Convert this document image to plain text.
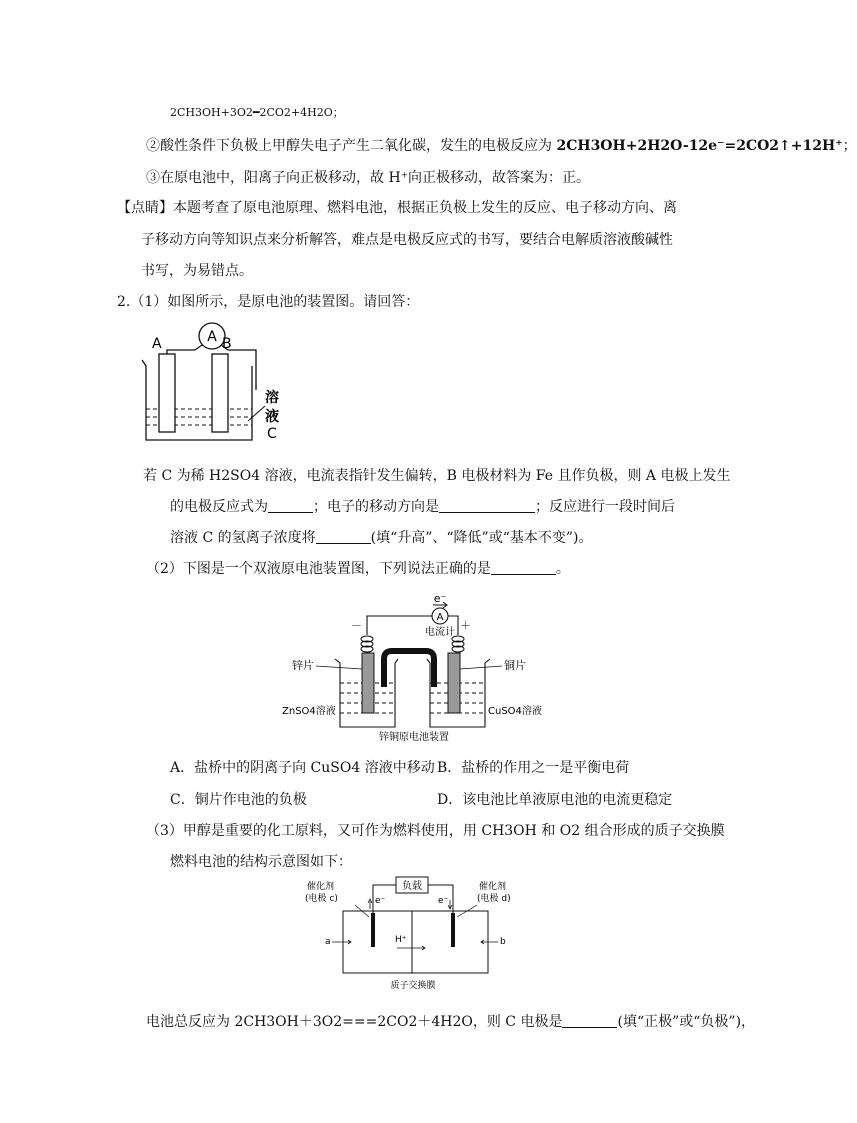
2CH3OH+3O2━2CO2+4H2O；
②酸性条件下负极上甲醇失电子产生二氧化碳，发生的电极反应为 2CH3OH+2H2O-12e⁻=2CO2↑+12H⁺；
③在原电池中，阳离子向正极移动，故 H⁺向正极移动，故答案为：正。
【点睛】本题考查了原电池原理、燃料电池，根据正负极上发生的反应、电子移动方向、离
子移动方向等知识点来分析解答，难点是电极反应式的书写，要结合电解质溶液酸碱性
书写，为易错点。
2.（1）如图所示，是原电池的装置图。请回答：
A
A	B
溶
液
C
若 C 为稀 H2SO4 溶液，电流表指针发生偏转，B 电极材料为 Fe 且作负极，则 A 电极上发生
的电极反应式为	；电子的移动方向是	；反应进行一段时间后
溶液 C 的氢离子浓度将	(填“升高”、“降低”或“基本不变”)。
（2）下图是一个双液原电池装置图，下列说法正确的是	。
e⁻
A
电流计
－	＋
锌片	铜片
ZnSO4溶液	CuSO4溶液
锌铜原电池装置
A．盐桥中的阴离子向 CuSO4 溶液中移动 B．盐桥的作用之一是平衡电荷
C．铜片作电池的负极	D．该电池比单液原电池的电流更稳定
（3）甲醇是重要的化工原料，又可作为燃料使用，用 CH3OH 和 O2 组合形成的质子交换膜
燃料电池的结构示意图如下：
负载
e⁻	e⁻
催化剂
(电极 c)
催化剂
(电极 d)
a	b
H⁺
质子交换膜
电池总反应为 2CH3OH＋3O2===2CO2＋4H2O，则 C 电极是	(填“正极”或“负极”)，
